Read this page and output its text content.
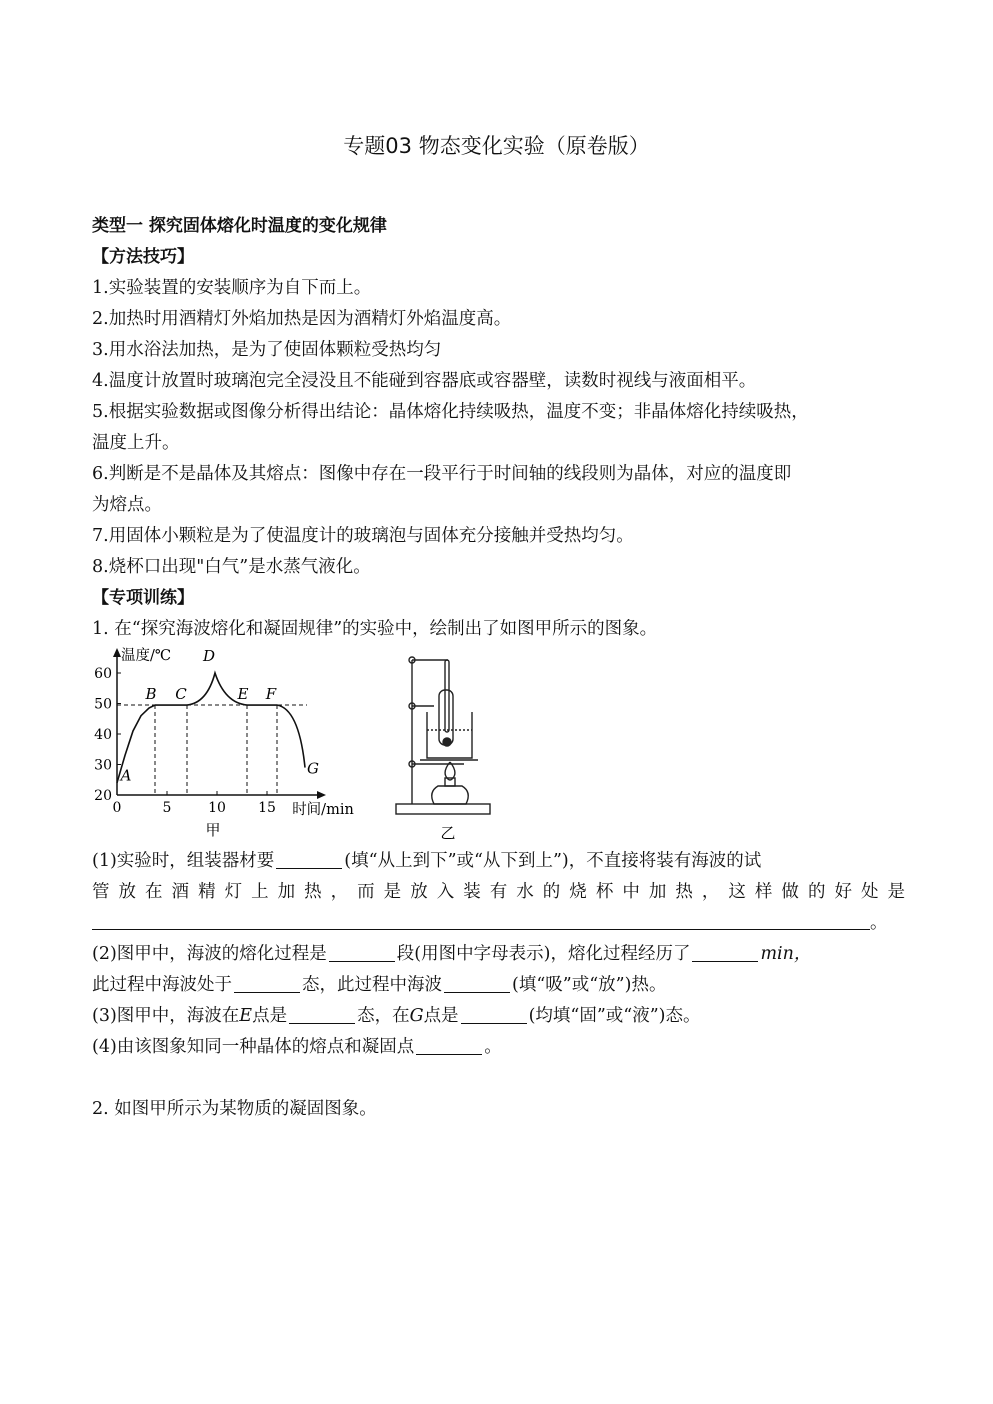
专题03 物态变化实验（原卷版）
类型一 探究固体熔化时温度的变化规律
【方法技巧】
1.实验装置的安装顺序为自下而上。
2.加热时用酒精灯外焰加热是因为酒精灯外焰温度高。
3.用水浴法加热，是为了使固体颗粒受热均匀
4.温度计放置时玻璃泡完全浸没且不能碰到容器底或容器壁，读数时视线与液面相平。
5.根据实验数据或图像分析得出结论：晶体熔化持续吸热，温度不变；非晶体熔化持续吸热，
温度上升。
6.判断是不是晶体及其熔点：图像中存在一段平行于时间轴的线段则为晶体，对应的温度即
为熔点。
7.用固体小颗粒是为了使温度计的玻璃泡与固体充分接触并受热均匀。
8.烧杯口出现"白气”是水蒸气液化。
【专项训练】
1. 在“探究海波熔化和凝固规律”的实验中，绘制出了如图甲所示的图象。
20
30
40
50
60
0	5	10 15
温度/℃
时间/min
A
B C
D
E F
G
甲	乙
(1)实验时，组装器材要	(填“从上到下”或“从下到上”)，不直接将装有海波的试
管放在酒精灯上加热，而是放入装有水的烧杯中加热，这样做的好处是
。
(2)图甲中，海波的熔化过程是	段(用图中字母表示)，熔化过程经历了	min，
此过程中海波处于	态，此过程中海波	(填“吸”或“放”)热。
(3)图甲中，海波在E点是	态，在G点是	(均填“固”或“液”)态。
(4)由该图象知同一种晶体的熔点和凝固点	。
2. 如图甲所示为某物质的凝固图象。
